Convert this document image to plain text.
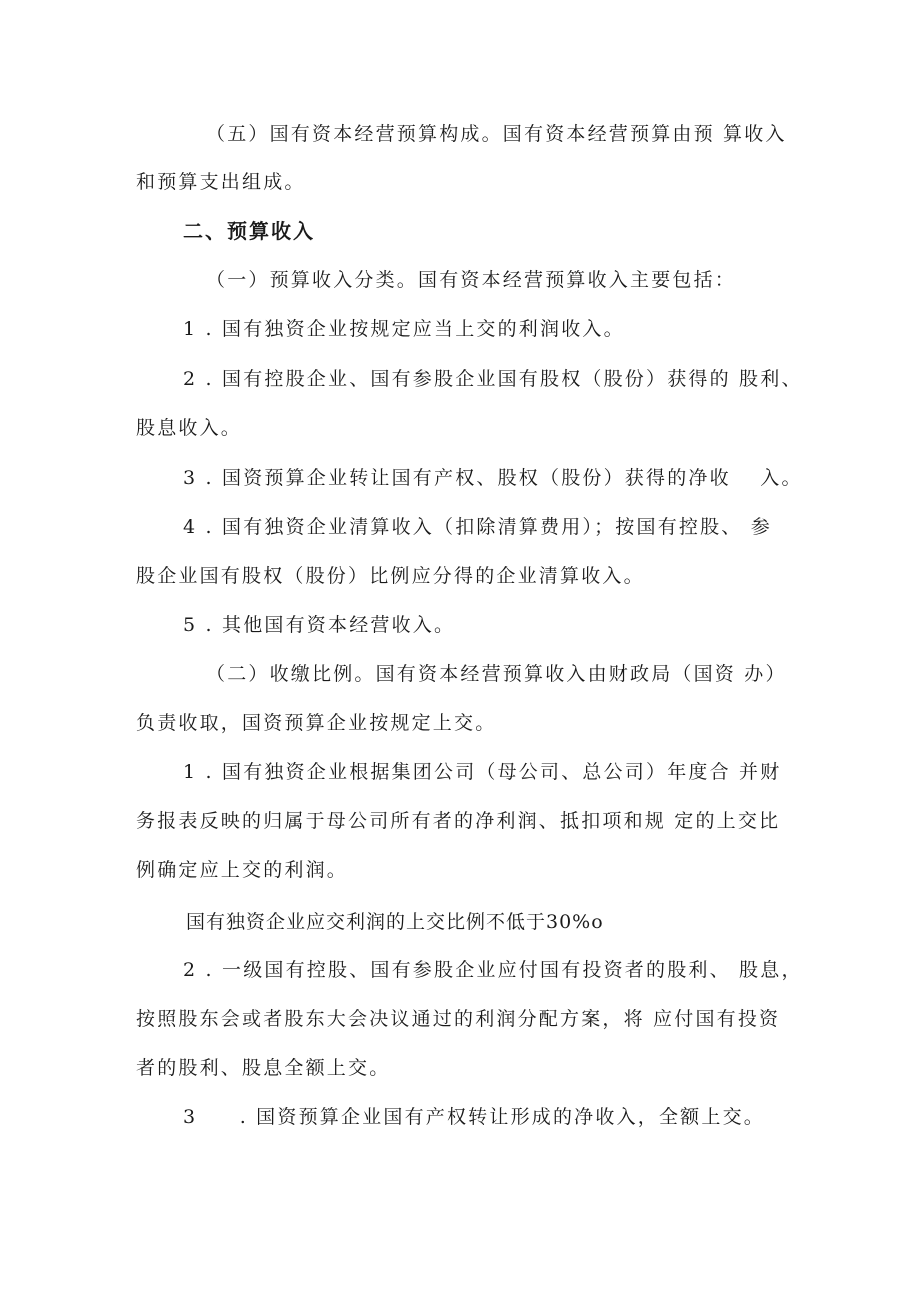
（五）国有资本经营预算构成。国有资本经营预算由预 算收入
和预算支出组成。
二、预算收入
（一）预算收入分类。国有资本经营预算收入主要包括：
1 . 国有独资企业按规定应当上交的利润收入。
2 . 国有控股企业、国有参股企业国有股权（股份）获得的 股利、
股息收入。
3 . 国资预算企业转让国有产权、股权（股份）获得的净收　 入。
4 . 国有独资企业清算收入（扣除清算费用）；按国有控股、 参
股企业国有股权（股份）比例应分得的企业清算收入。
5 . 其他国有资本经营收入。
（二）收缴比例。国有资本经营预算收入由财政局（国资 办）
负责收取，国资预算企业按规定上交。
1 . 国有独资企业根据集团公司（母公司、总公司）年度合 并财
务报表反映的归属于母公司所有者的净利润、抵扣项和规 定的上交比
例确定应上交的利润。
国有独资企业应交利润的上交比例不低于30%o
2 . 一级国有控股、国有参股企业应付国有投资者的股利、 股息，
按照股东会或者股东大会决议通过的利润分配方案，将 应付国有投资
者的股利、股息全额上交。
3　　. 国资预算企业国有产权转让形成的净收入，全额上交。
